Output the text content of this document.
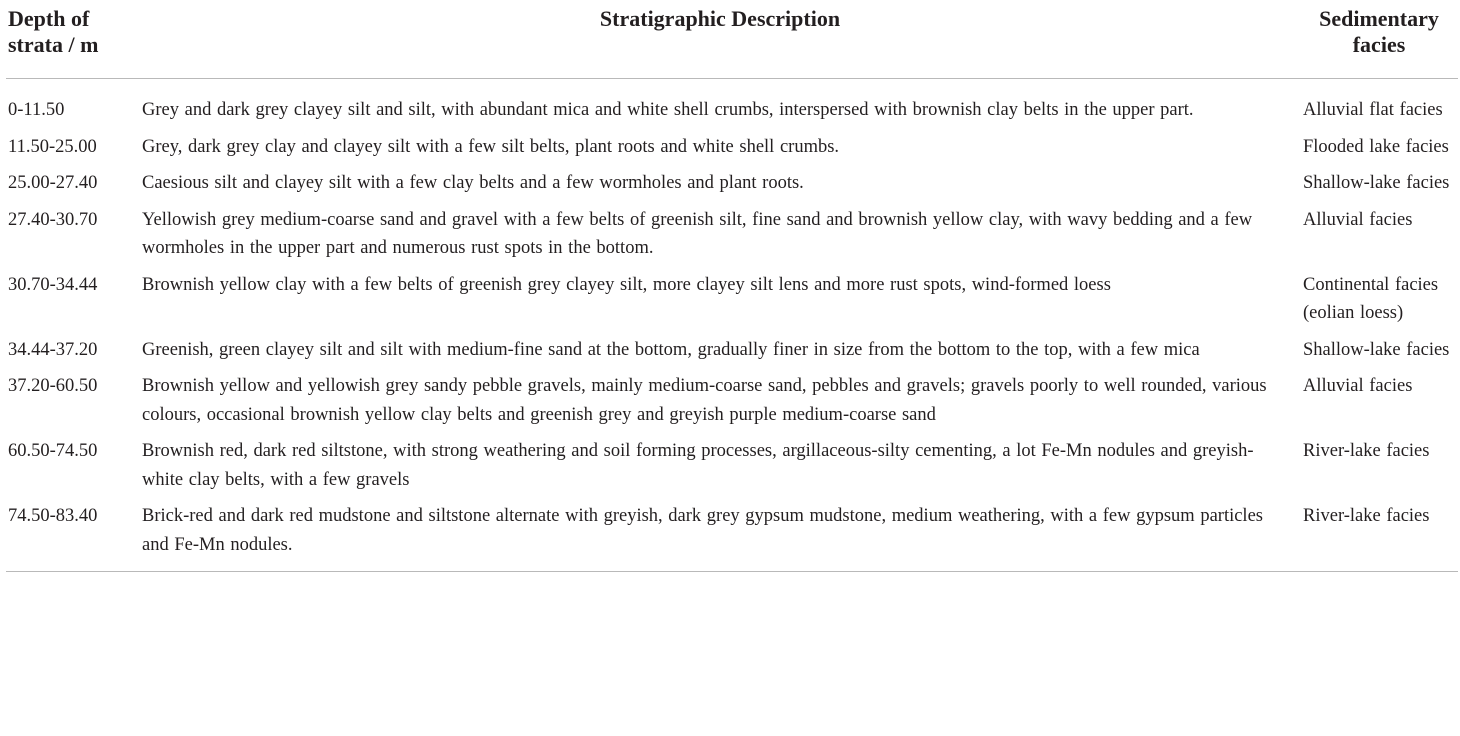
Depth of strata / m	Stratigraphic Description	Sedimentary facies
0-11.50	Grey and dark grey clayey silt and silt, with abundant mica and white shell crumbs, interspersed with brownish clay belts in the upper part.	Alluvial flat facies
11.50-25.00	Grey, dark grey clay and clayey silt with a few silt belts, plant roots and white shell crumbs.	Flooded lake facies
25.00-27.40	Caesious silt and clayey silt with a few clay belts and a few wormholes and plant roots.	Shallow-lake facies
27.40-30.70	Yellowish grey medium-coarse sand and gravel with a few belts of greenish silt, fine sand and brownish yellow clay, with wavy bedding and a few wormholes in the upper part and numerous rust spots in the bottom.	Alluvial facies
30.70-34.44	Brownish yellow clay with a few belts of greenish grey clayey silt, more clayey silt lens and more rust spots, wind-formed loess	Continental facies (eolian loess)
34.44-37.20	Greenish, green clayey silt and silt with medium-fine sand at the bottom, gradually finer in size from the bottom to the top, with a few mica	Shallow-lake facies
37.20-60.50	Brownish yellow and yellowish grey sandy pebble gravels, mainly medium-coarse sand, pebbles and gravels; gravels poorly to well rounded, various colours, occasional brownish yellow clay belts and greenish grey and greyish purple medium-coarse sand	Alluvial facies
60.50-74.50	Brownish red, dark red siltstone, with strong weathering and soil forming processes, argillaceous-silty cementing, a lot Fe-Mn nodules and greyish-white clay belts, with a few gravels	River-lake facies
74.50-83.40	Brick-red and dark red mudstone and siltstone alternate with greyish, dark grey gypsum mudstone, medium weathering, with a few gypsum particles and Fe-Mn nodules.	River-lake facies
